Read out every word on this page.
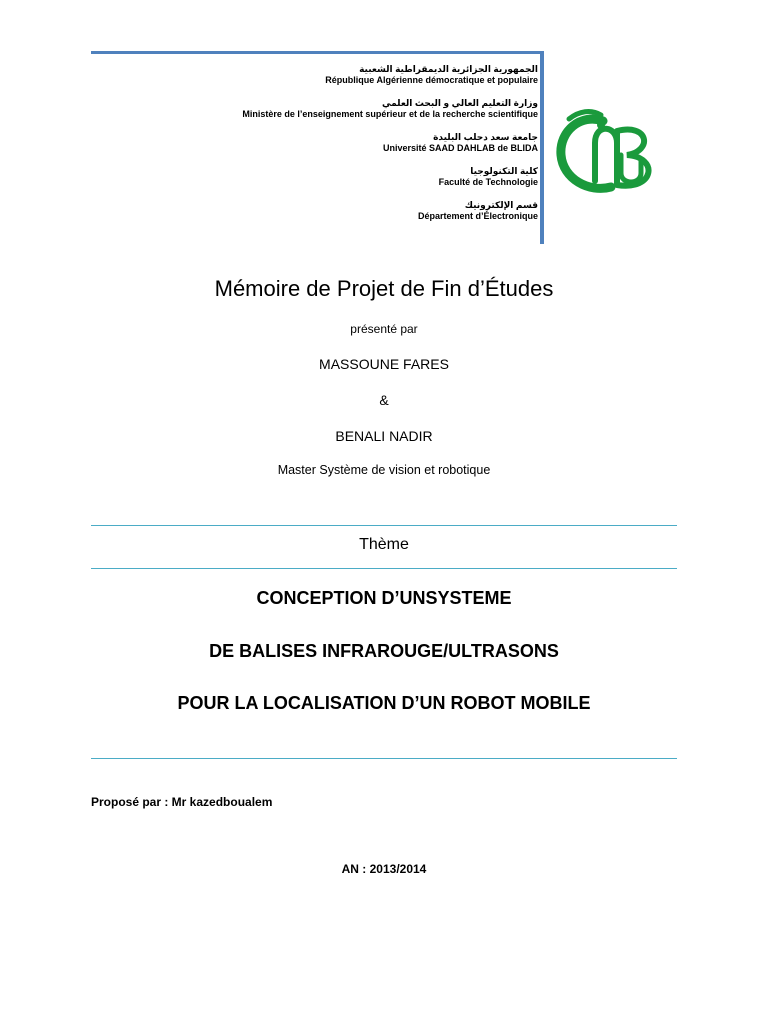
الجمهورية الجزائرية الديمقراطية الشعبية
République Algérienne démocratique et populaire
وزارة التعليم العالي و البحث العلمي
Ministère de l’enseignement supérieur et de la recherche scientifique
جامعة سعد دحلب البليدة
Université SAAD DAHLAB de BLIDA
كلية التكنولوجيا
Faculté de Technologie
قسم الإلكترونيك
Département d’Électronique
Mémoire de Projet de Fin d’Études
présenté par
MASSOUNE FARES
&
BENALI NADIR
Master Système de vision et robotique
Thème
CONCEPTION D’UNSYSTEME
DE BALISES INFRAROUGE/ULTRASONS
POUR LA LOCALISATION D’UN ROBOT MOBILE
Proposé par : Mr kazedboualem
AN : 2013/2014
